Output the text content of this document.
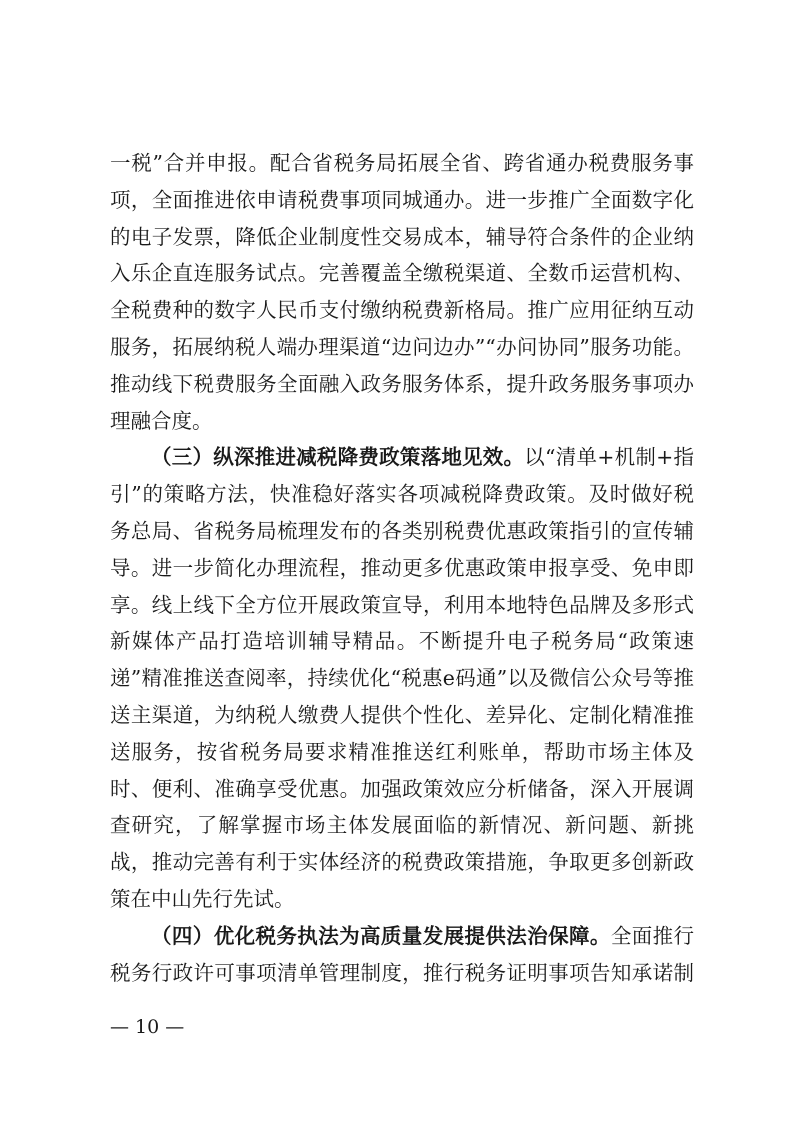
一税”合并申报。配合省税务局拓展全省、跨省通办税费服务事项，全面推进依申请税费事项同城通办。进一步推广全面数字化的电子发票，降低企业制度性交易成本，辅导符合条件的企业纳入乐企直连服务试点。完善覆盖全缴税渠道、全数币运营机构、全税费种的数字人民币支付缴纳税费新格局。推广应用征纳互动服务，拓展纳税人端办理渠道“边问边办”“办问协同”服务功能。推动线下税费服务全面融入政务服务体系，提升政务服务事项办理融合度。

（三）纵深推进减税降费政策落地见效。以“清单+机制+指引”的策略方法，快准稳好落实各项减税降费政策。及时做好税务总局、省税务局梳理发布的各类别税费优惠政策指引的宣传辅导。进一步简化办理流程，推动更多优惠政策申报享受、免申即享。线上线下全方位开展政策宣导，利用本地特色品牌及多形式新媒体产品打造培训辅导精品。不断提升电子税务局“政策速递”精准推送查阅率，持续优化“税惠e码通”以及微信公众号等推送主渠道，为纳税人缴费人提供个性化、差异化、定制化精准推送服务，按省税务局要求精准推送红利账单，帮助市场主体及时、便利、准确享受优惠。加强政策效应分析储备，深入开展调查研究，了解掌握市场主体发展面临的新情况、新问题、新挑战，推动完善有利于实体经济的税费政策措施，争取更多创新政策在中山先行先试。

（四）优化税务执法为高质量发展提供法治保障。全面推行税务行政许可事项清单管理制度，推行税务证明事项告知承诺制

— 10 —
